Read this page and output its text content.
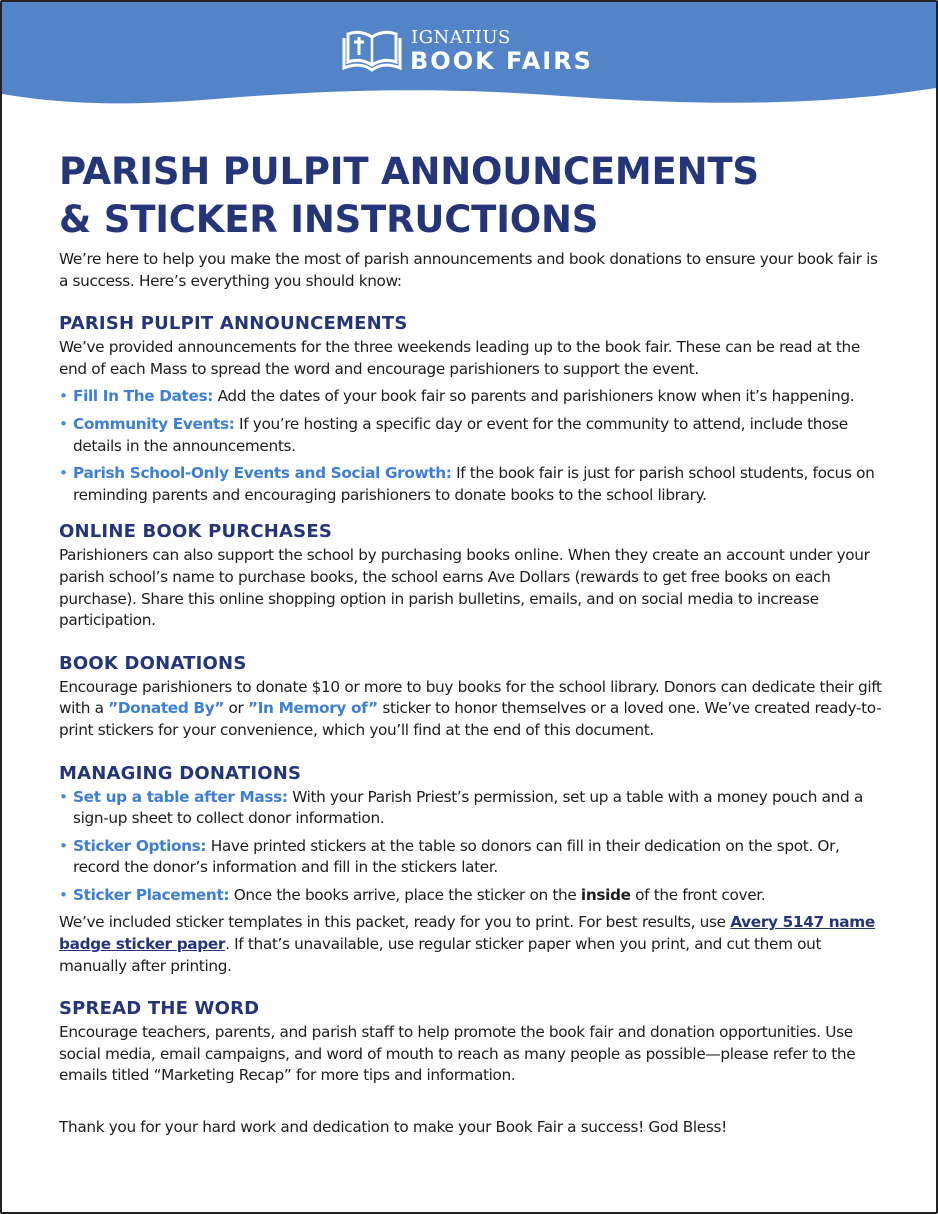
IGNATIUS
BOOK FAIRS
PARISH PULPIT ANNOUNCEMENTS
& STICKER INSTRUCTIONS

We’re here to help you make the most of parish announcements and book donations to ensure your book fair is a success. Here’s everything you should know:

PARISH PULPIT ANNOUNCEMENTS

We’ve provided announcements for the three weekends leading up to the book fair. These can be read at the end of each Mass to spread the word and encourage parishioners to support the event.

• Fill In The Dates: Add the dates of your book fair so parents and parishioners know when it’s happening.
• Community Events: If you’re hosting a specific day or event for the community to attend, include those details in the announcements.
• Parish School-Only Events and Social Growth: If the book fair is just for parish school students, focus on reminding parents and encouraging parishioners to donate books to the school library.
ONLINE BOOK PURCHASES

Parishioners can also support the school by purchasing books online. When they create an account under your parish school’s name to purchase books, the school earns Ave Dollars (rewards to get free books on each purchase). Share this online shopping option in parish bulletins, emails, and on social media to increase participation.

BOOK DONATIONS

Encourage parishioners to donate $10 or more to buy books for the school library. Donors can dedicate their gift with a ”Donated By” or ”In Memory of” sticker to honor themselves or a loved one. We’ve created ready-to-print stickers for your convenience, which you’ll find at the end of this document.

MANAGING DONATIONS
• Set up a table after Mass: With your Parish Priest’s permission, set up a table with a money pouch and a sign-up sheet to collect donor information.
• Sticker Options: Have printed stickers at the table so donors can fill in their dedication on the spot. Or, record the donor’s information and fill in the stickers later.
• Sticker Placement: Once the books arrive, place the sticker on the inside of the front cover.

We’ve included sticker templates in this packet, ready for you to print. For best results, use Avery 5147 name badge sticker paper. If that’s unavailable, use regular sticker paper when you print, and cut them out manually after printing.

SPREAD THE WORD

Encourage teachers, parents, and parish staff to help promote the book fair and donation opportunities. Use social media, email campaigns, and word of mouth to reach as many people as possible—please refer to the emails titled “Marketing Recap” for more tips and information.

Thank you for your hard work and dedication to make your Book Fair a success! God Bless!
